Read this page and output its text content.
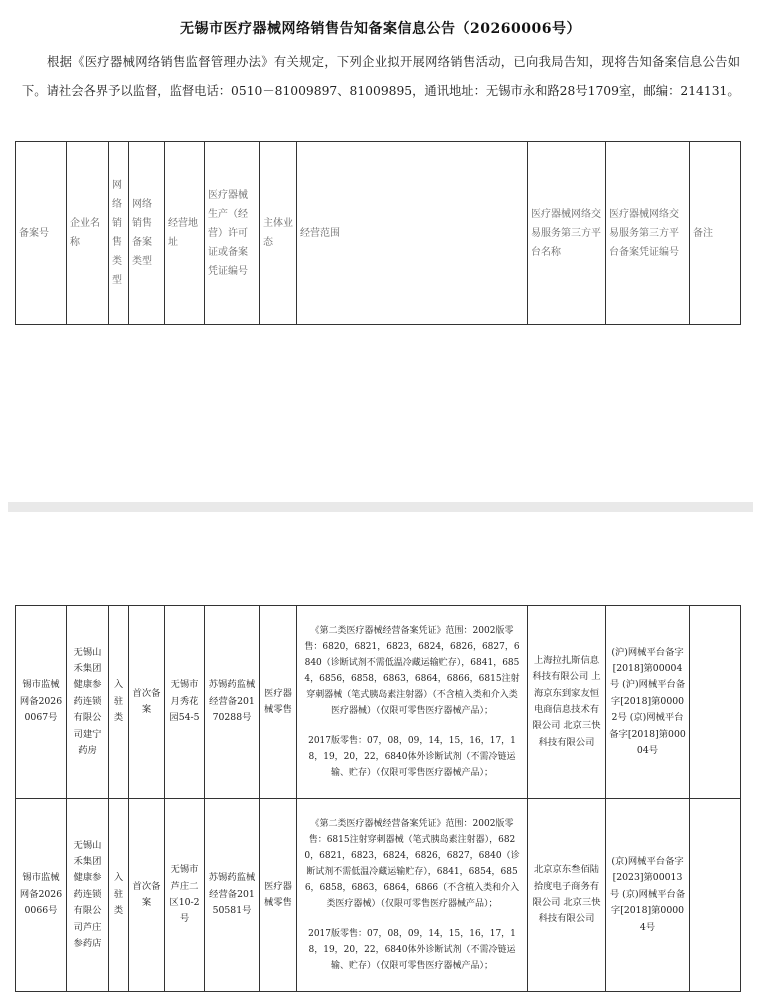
无锡市医疗器械网络销售告知备案信息公告（20260006号）
根据《医疗器械网络销售监督管理办法》有关规定，下列企业拟开展网络销售活动，已向我局告知，现将告知备案信息公告如下。请社会各界予以监督，监督电话：0510－81009897、81009895，通讯地址：无锡市永和路28号1709室，邮编：214131。
备案号	企业名称	网络销售类型	网络销售备案类型	经营地址	医疗器械生产（经营）许可证或备案凭证编号	主体业态	经营范围	医疗器械网络交易服务第三方平台名称	医疗器械网络交易服务第三方平台备案凭证编号	备注
锡市监械网备20260067号	无锡山禾集团健康参药连锁有限公司建宁药房	入驻类	首次备案	无锡市月秀花园54-5	苏锡药监械经营备20170288号	医疗器械零售	《第二类医疗器械经营备案凭证》范围：2002版零售：6820，6821，6823，6824，6826，6827，6840（诊断试剂不需低温冷藏运输贮存），6841，6854，6856，6858，6863，6864，6866，6815注射穿刺器械（笔式胰岛素注射器）（不含植入类和介入类医疗器械）（仅限可零售医疗器械产品）；

2017版零售：07，08，09，14，15，16，17，18，19，20，22，6840体外诊断试剂（不需冷链运输、贮存）（仅限可零售医疗器械产品）；	上海拉扎斯信息科技有限公司 上海京东到家友恒电商信息技术有限公司 北京三快科技有限公司	(沪)网械平台备字[2018]第00004号 (沪)网械平台备字[2018]第00002号 (京)网械平台备字[2018]第00004号	
锡市监械网备20260066号	无锡山禾集团健康参药连锁有限公司芦庄参药店	入驻类	首次备案	无锡市芦庄二区10-2号	苏锡药监械经营备20150581号	医疗器械零售	《第二类医疗器械经营备案凭证》范围：2002版零售：6815注射穿刺器械（笔式胰岛素注射器），6820，6821，6823，6824，6826，6827，6840（诊断试剂不需低温冷藏运输贮存），6841，6854，6856，6858，6863，6864，6866（不含植入类和介入类医疗器械）（仅限可零售医疗器械产品）；

2017版零售：07，08，09，14，15，16，17，18，19，20，22，6840体外诊断试剂（不需冷链运输、贮存）（仅限可零售医疗器械产品）；	北京京东叁佰陆拾度电子商务有限公司 北京三快科技有限公司	(京)网械平台备字[2023]第00013号 (京)网械平台备字[2018]第00004号	
